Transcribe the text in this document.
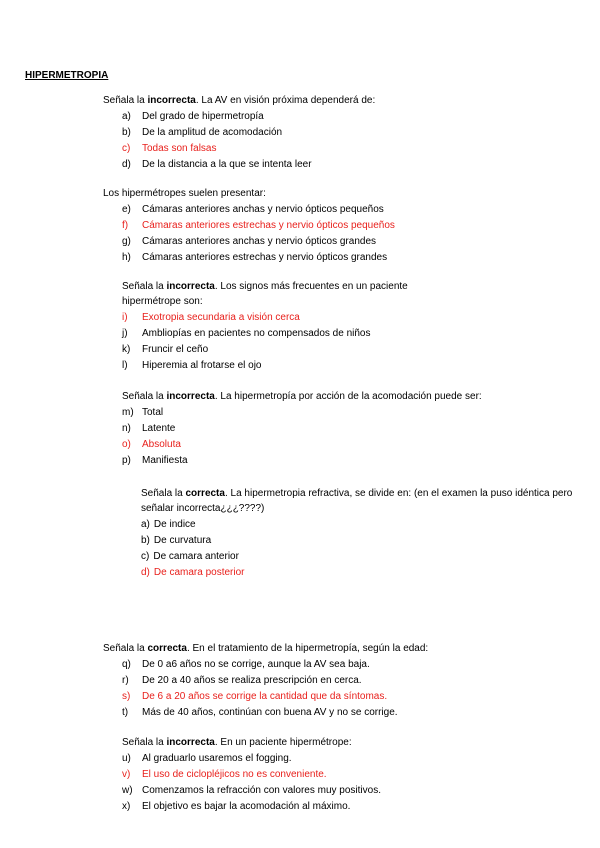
HIPERMETROPIA
Señala la incorrecta. La AV en visión próxima dependerá de:
a)	Del grado de hipermetropía
b)	De la amplitud de acomodación
c)	Todas son falsas
d)	De la distancia a la que se intenta leer
Los hipermétropes suelen presentar:
e)	Cámaras anteriores anchas y nervio ópticos pequeños
f)	Cámaras anteriores estrechas y nervio ópticos pequeños
g)	Cámaras anteriores anchas y nervio ópticos grandes
h)	Cámaras anteriores estrechas y nervio ópticos grandes
Señala la incorrecta. Los signos más frecuentes en un paciente hipermétrope son:
i)	Exotropia secundaria a visión cerca
j)	Ambliopías en pacientes no compensados de niños
k)	Fruncir el ceño
l)	Hiperemia al frotarse el ojo
Señala la incorrecta. La hipermetropía por acción de la acomodación puede ser:
m) Total
n)	Latente
o)	Absoluta
p)	Manifiesta
Señala la correcta. La hipermetropia refractiva, se divide en: (en el examen la puso idéntica pero señalar incorrecta¿¿¿????)
a) De indice
b) De curvatura
c) De camara anterior
d) De camara posterior
Señala la correcta. En el tratamiento de la hipermetropía, según la edad:
q)	De 0 a6 años no se corrige, aunque la AV sea baja.
r)	De 20 a 40 años se realiza prescripción en cerca.
s)	De 6 a 20 años se corrige la cantidad que da síntomas.
t)	Más de 40 años, continúan con buena AV y no se corrige.
Señala la incorrecta. En un paciente hipermétrope:
u)	Al graduarlo usaremos el fogging.
v)	El uso de ciclopléjicos no es conveniente.
w) Comenzamos la refracción con valores muy positivos.
x)	El objetivo es bajar la acomodación al máximo.
